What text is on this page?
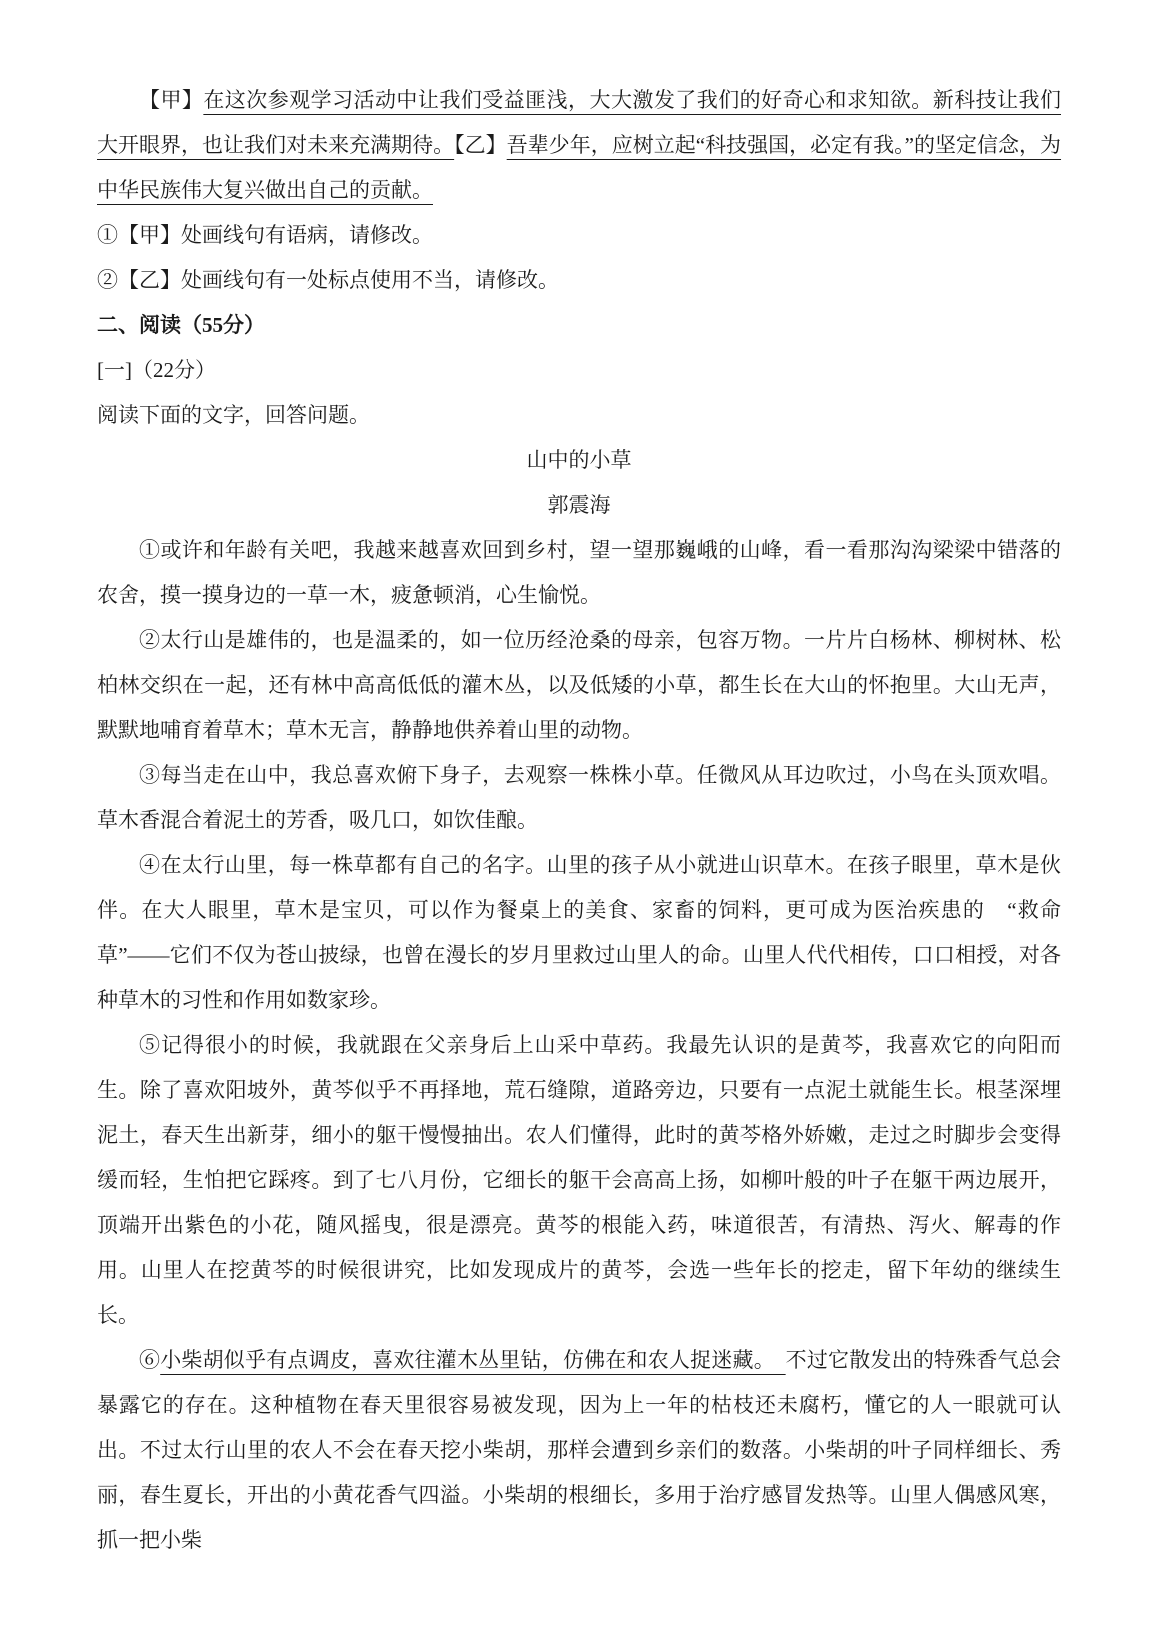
【甲】在这次参观学习活动中让我们受益匪浅，大大激发了我们的好奇心和求知欲。新科技让我们大开眼界，也让我们对未来充满期待。【乙】吾辈少年，应树立起“科技强国，必定有我。”的坚定信念，为中华民族伟大复兴做出自己的贡献。

①【甲】处画线句有语病，请修改。

②【乙】处画线句有一处标点使用不当，请修改。

二、阅读（55分）

[一]（22分）

阅读下面的文字，回答问题。

山中的小草

郭震海

①或许和年龄有关吧，我越来越喜欢回到乡村，望一望那巍峨的山峰，看一看那沟沟梁梁中错落的农舍，摸一摸身边的一草一木，疲惫顿消，心生愉悦。

②太行山是雄伟的，也是温柔的，如一位历经沧桑的母亲，包容万物。一片片白杨林、柳树林、松柏林交织在一起，还有林中高高低低的灌木丛，以及低矮的小草，都生长在大山的怀抱里。大山无声，默默地哺育着草木；草木无言，静静地供养着山里的动物。

③每当走在山中，我总喜欢俯下身子，去观察一株株小草。任微风从耳边吹过，小鸟在头顶欢唱。草木香混合着泥土的芳香，吸几口，如饮佳酿。

④在太行山里，每一株草都有自己的名字。山里的孩子从小就进山识草木。在孩子眼里，草木是伙伴。在大人眼里，草木是宝贝，可以作为餐桌上的美食、家畜的饲料，更可成为医治疾患的　“救命草”——它们不仅为苍山披绿，也曾在漫长的岁月里救过山里人的命。山里人代代相传，口口相授，对各种草木的习性和作用如数家珍。

⑤记得很小的时候，我就跟在父亲身后上山采中草药。我最先认识的是黄芩，我喜欢它的向阳而生。除了喜欢阳坡外，黄芩似乎不再择地，荒石缝隙，道路旁边，只要有一点泥土就能生长。根茎深埋泥土，春天生出新芽，细小的躯干慢慢抽出。农人们懂得，此时的黄芩格外娇嫩，走过之时脚步会变得缓而轻，生怕把它踩疼。到了七八月份，它细长的躯干会高高上扬，如柳叶般的叶子在躯干两边展开，顶端开出紫色的小花，随风摇曳，很是漂亮。黄芩的根能入药，味道很苦，有清热、泻火、解毒的作用。山里人在挖黄芩的时候很讲究，比如发现成片的黄芩，会选一些年长的挖走，留下年幼的继续生长。

⑥小柴胡似乎有点调皮，喜欢往灌木丛里钻，仿佛在和农人捉迷藏。　不过它散发出的特殊香气总会暴露它的存在。这种植物在春天里很容易被发现，因为上一年的枯枝还未腐朽，懂它的人一眼就可认出。不过太行山里的农人不会在春天挖小柴胡，那样会遭到乡亲们的数落。小柴胡的叶子同样细长、秀丽，春生夏长，开出的小黄花香气四溢。小柴胡的根细长，多用于治疗感冒发热等。山里人偶感风寒，抓一把小柴
